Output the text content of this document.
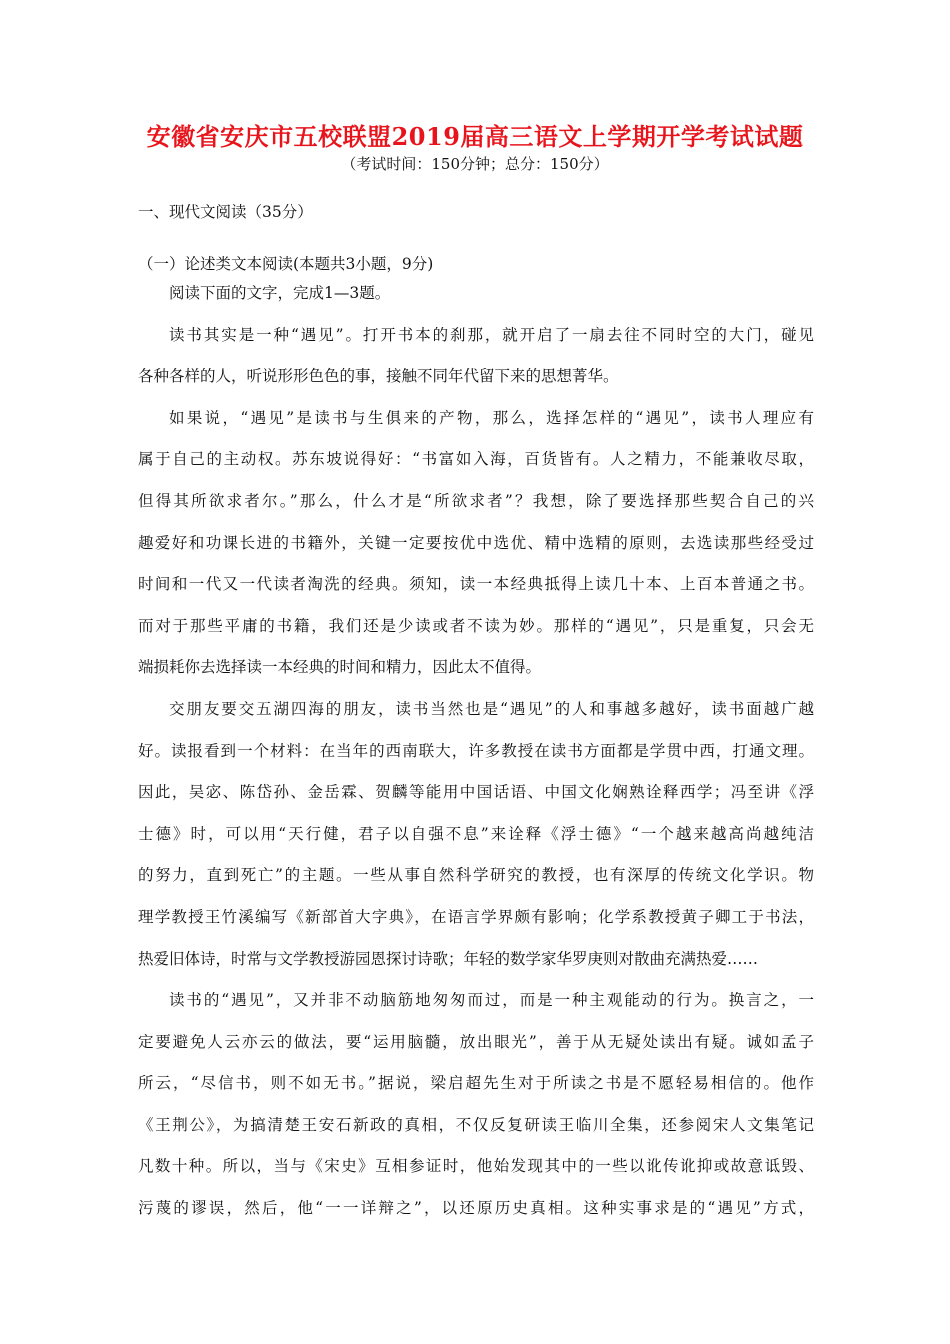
安徽省安庆市五校联盟2019届高三语文上学期开学考试试题
（考试时间：150分钟；总分：150分）
一、现代文阅读（35分）
（一）论述类文本阅读(本题共3小题，9分)
阅读下面的文字，完成1—3题。
读书其实是一种“遇见”。打开书本的刹那，就开启了一扇去往不同时空的大门，碰见
各种各样的人，听说形形色色的事，接触不同年代留下来的思想菁华。
如果说，“遇见”是读书与生俱来的产物，那么，选择怎样的“遇见”，读书人理应有
属于自己的主动权。苏东坡说得好：“书富如入海，百货皆有。人之精力，不能兼收尽取，
但得其所欲求者尔。”那么，什么才是“所欲求者”？我想，除了要选择那些契合自己的兴
趣爱好和功课长进的书籍外，关键一定要按优中选优、精中选精的原则，去选读那些经受过
时间和一代又一代读者淘洗的经典。须知，读一本经典抵得上读几十本、上百本普通之书。
而对于那些平庸的书籍，我们还是少读或者不读为妙。那样的“遇见”，只是重复，只会无
端损耗你去选择读一本经典的时间和精力，因此太不值得。
交朋友要交五湖四海的朋友，读书当然也是“遇见”的人和事越多越好，读书面越广越
好。读报看到一个材料：在当年的西南联大，许多教授在读书方面都是学贯中西，打通文理。
因此，吴宓、陈岱孙、金岳霖、贺麟等能用中国话语、中国文化娴熟诠释西学；冯至讲《浮
士德》时，可以用“天行健，君子以自强不息”来诠释《浮士德》“一个越来越高尚越纯洁
的努力，直到死亡”的主题。一些从事自然科学研究的教授，也有深厚的传统文化学识。物
理学教授王竹溪编写《新部首大字典》，在语言学界颇有影响；化学系教授黄子卿工于书法，
热爱旧体诗，时常与文学教授游园恩探讨诗歌；年轻的数学家华罗庚则对散曲充满热爱……
读书的“遇见”，又并非不动脑筋地匆匆而过，而是一种主观能动的行为。换言之，一
定要避免人云亦云的做法，要“运用脑髓，放出眼光”，善于从无疑处读出有疑。诚如孟子
所云，“尽信书，则不如无书。”据说，梁启超先生对于所读之书是不愿轻易相信的。他作
《王荆公》，为搞清楚王安石新政的真相，不仅反复研读王临川全集，还参阅宋人文集笔记
凡数十种。所以，当与《宋史》互相参证时，他始发现其中的一些以讹传讹抑或故意诋毁、
污蔑的谬误，然后，他“一一详辩之”，以还原历史真相。这种实事求是的“遇见”方式，
